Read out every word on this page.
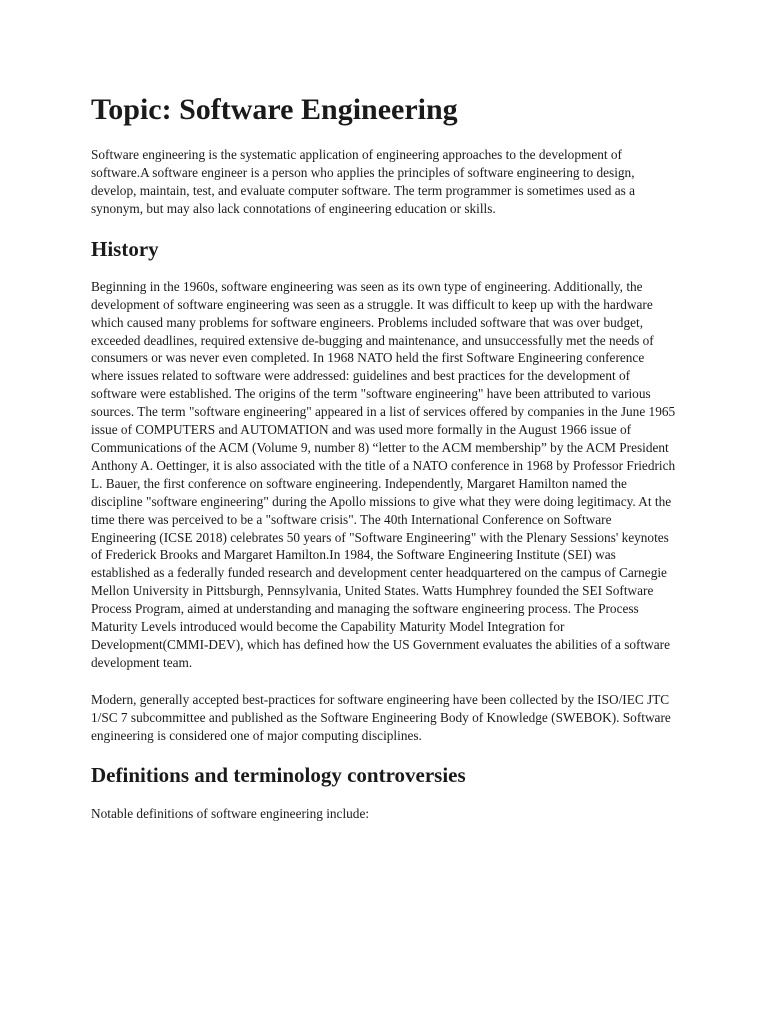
Topic: Software Engineering

Software engineering is the systematic application of engineering approaches to the development of software.A software engineer is a person who applies the principles of software engineering to design, develop, maintain, test, and evaluate computer software. The term programmer is sometimes used as a synonym, but may also lack connotations of engineering education or skills.

History

Beginning in the 1960s, software engineering was seen as its own type of engineering. Additionally, the development of software engineering was seen as a struggle. It was difficult to keep up with the hardware which caused many problems for software engineers. Problems included software that was over budget, exceeded deadlines, required extensive de-bugging and maintenance, and unsuccessfully met the needs of consumers or was never even completed. In 1968 NATO held the first Software Engineering conference where issues related to software were addressed: guidelines and best practices for the development of software were established. The origins of the term "software engineering" have been attributed to various sources. The term "software engineering" appeared in a list of services offered by companies in the June 1965 issue of COMPUTERS and AUTOMATION and was used more formally in the August 1966 issue of Communications of the ACM (Volume 9, number 8) “letter to the ACM membership” by the ACM President Anthony A. Oettinger, it is also associated with the title of a NATO conference in 1968 by Professor Friedrich L. Bauer, the first conference on software engineering. Independently, Margaret Hamilton named the discipline "software engineering" during the Apollo missions to give what they were doing legitimacy. At the time there was perceived to be a "software crisis". The 40th International Conference on Software Engineering (ICSE 2018) celebrates 50 years of "Software Engineering" with the Plenary Sessions' keynotes of Frederick Brooks and Margaret Hamilton.In 1984, the Software Engineering Institute (SEI) was established as a federally funded research and development center headquartered on the campus of Carnegie Mellon University in Pittsburgh, Pennsylvania, United States. Watts Humphrey founded the SEI Software Process Program, aimed at understanding and managing the software engineering process. The Process Maturity Levels introduced would become the Capability Maturity Model Integration for Development(CMMI-DEV), which has defined how the US Government evaluates the abilities of a software development team.

Modern, generally accepted best-practices for software engineering have been collected by the ISO/IEC JTC 1/SC 7 subcommittee and published as the Software Engineering Body of Knowledge (SWEBOK). Software engineering is considered one of major computing disciplines.

Definitions and terminology controversies

Notable definitions of software engineering include:
